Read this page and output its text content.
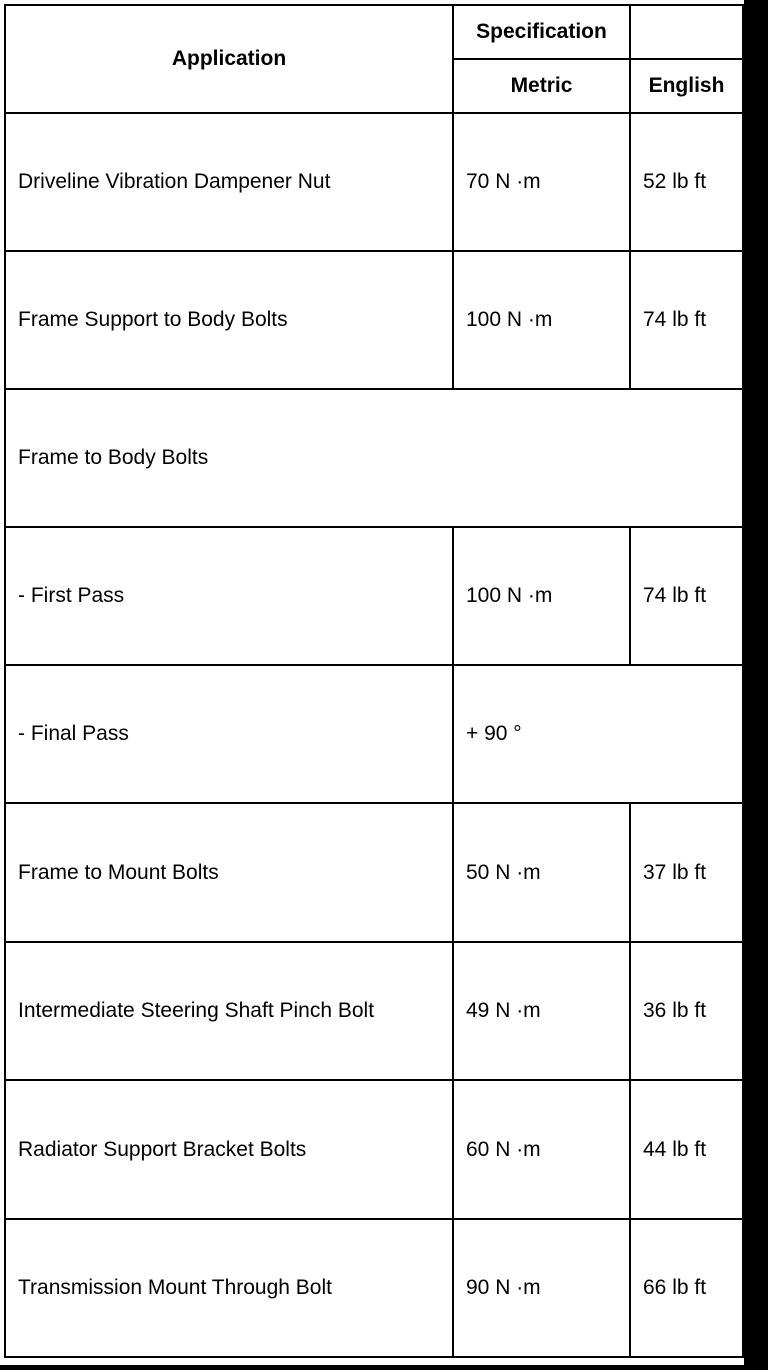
Application	Specification	
	Metric	English
Driveline Vibration Dampener Nut	70 N ·m	52 lb ft
Frame Support to Body Bolts	100 N ·m	74 lb ft
Frame to Body Bolts		
- First Pass	100 N ·m	74 lb ft
- Final Pass	+ 90 °	
Frame to Mount Bolts	50 N ·m	37 lb ft
Intermediate Steering Shaft Pinch Bolt	49 N ·m	36 lb ft
Radiator Support Bracket Bolts	60 N ·m	44 lb ft
Transmission Mount Through Bolt	90 N ·m	66 lb ft
